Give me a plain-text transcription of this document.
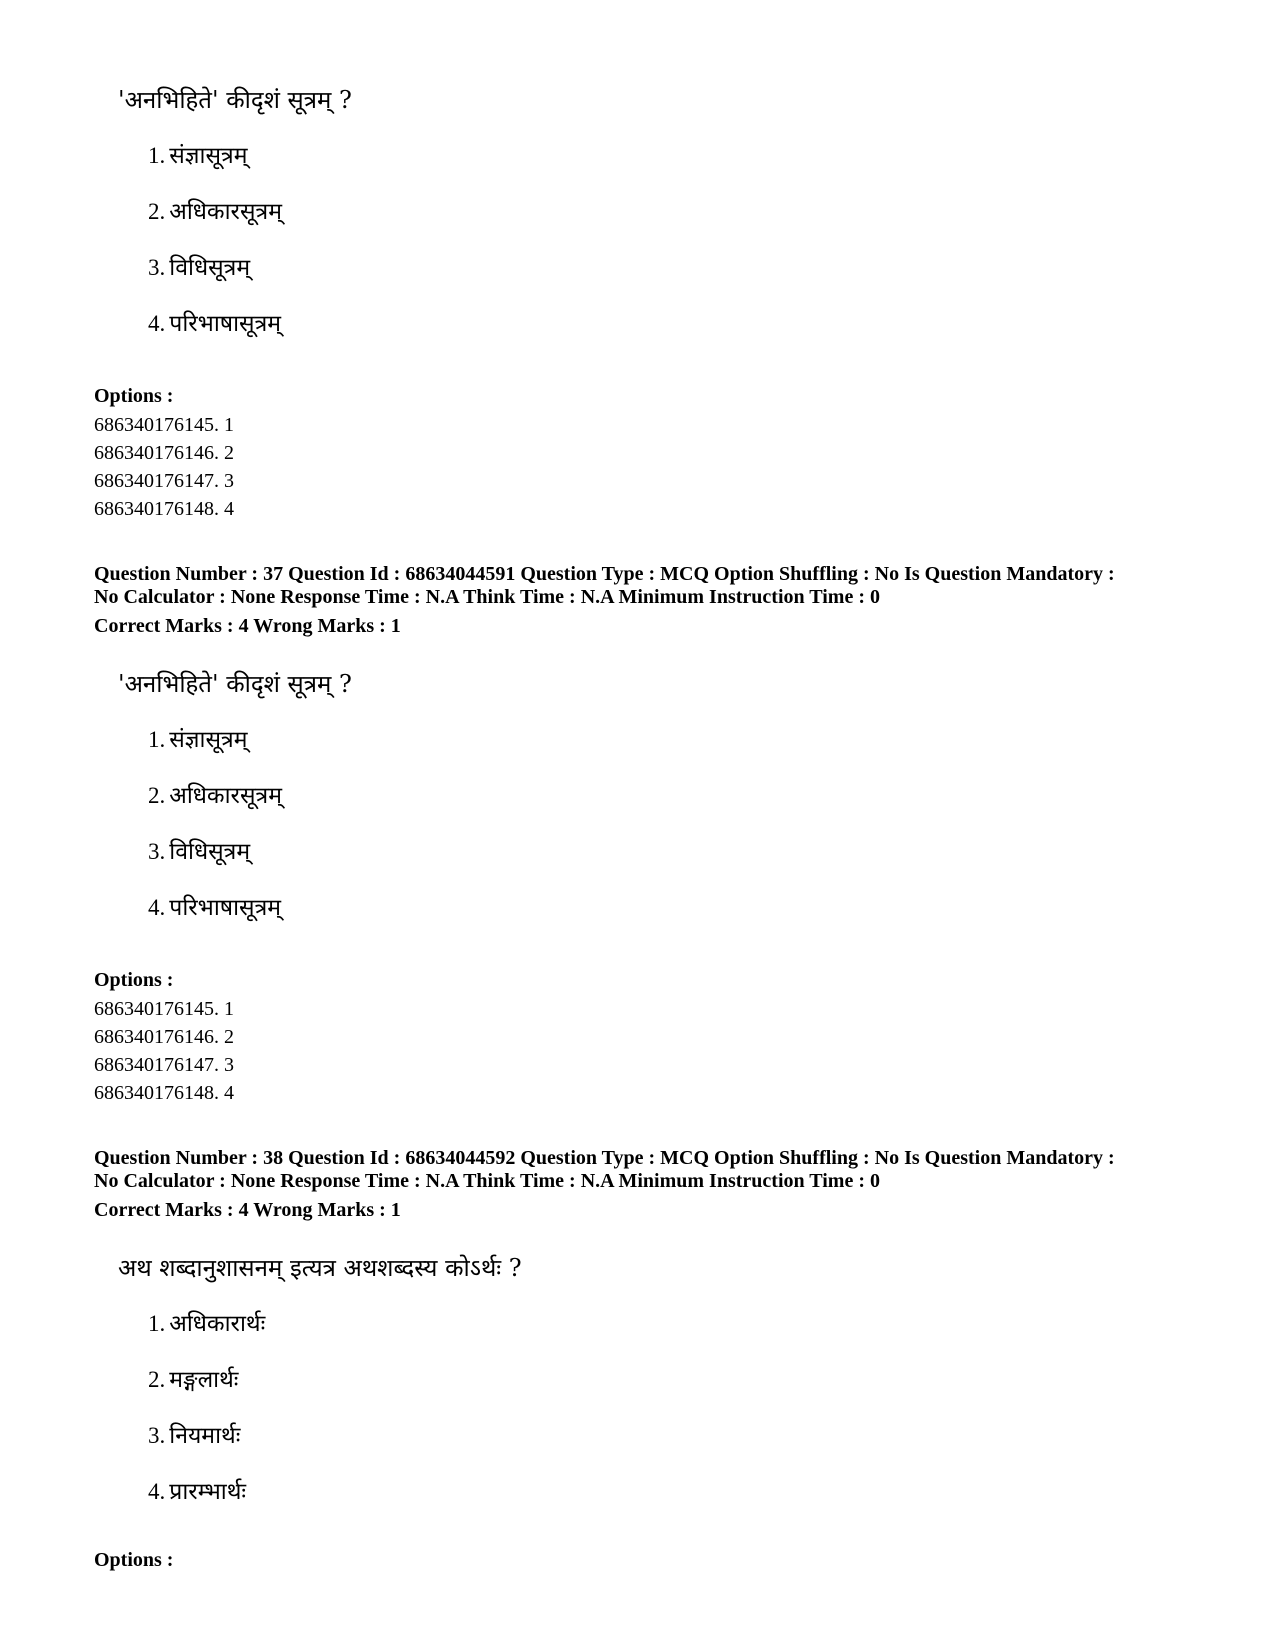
'अनभिहिते' कीदृशं सूत्रम् ?
1. संज्ञासूत्रम्
2. अधिकारसूत्रम्
3. विधिसूत्रम्
4. परिभाषासूत्रम्
Options :
686340176145. 1
686340176146. 2
686340176147. 3
686340176148. 4
Question Number : 37 Question Id : 68634044591 Question Type : MCQ Option Shuffling : No Is Question Mandatory :
No Calculator : None Response Time : N.A Think Time : N.A Minimum Instruction Time : 0
Correct Marks : 4 Wrong Marks : 1
'अनभिहिते' कीदृशं सूत्रम् ?
1. संज्ञासूत्रम्
2. अधिकारसूत्रम्
3. विधिसूत्रम्
4. परिभाषासूत्रम्
Options :
686340176145. 1
686340176146. 2
686340176147. 3
686340176148. 4
Question Number : 38 Question Id : 68634044592 Question Type : MCQ Option Shuffling : No Is Question Mandatory :
No Calculator : None Response Time : N.A Think Time : N.A Minimum Instruction Time : 0
Correct Marks : 4 Wrong Marks : 1
अथ शब्दानुशासनम् इत्यत्र अथशब्दस्य कोऽर्थः ?
1. अधिकारार्थः
2. मङ्गलार्थः
3. नियमार्थः
4. प्रारम्भार्थः
Options :
